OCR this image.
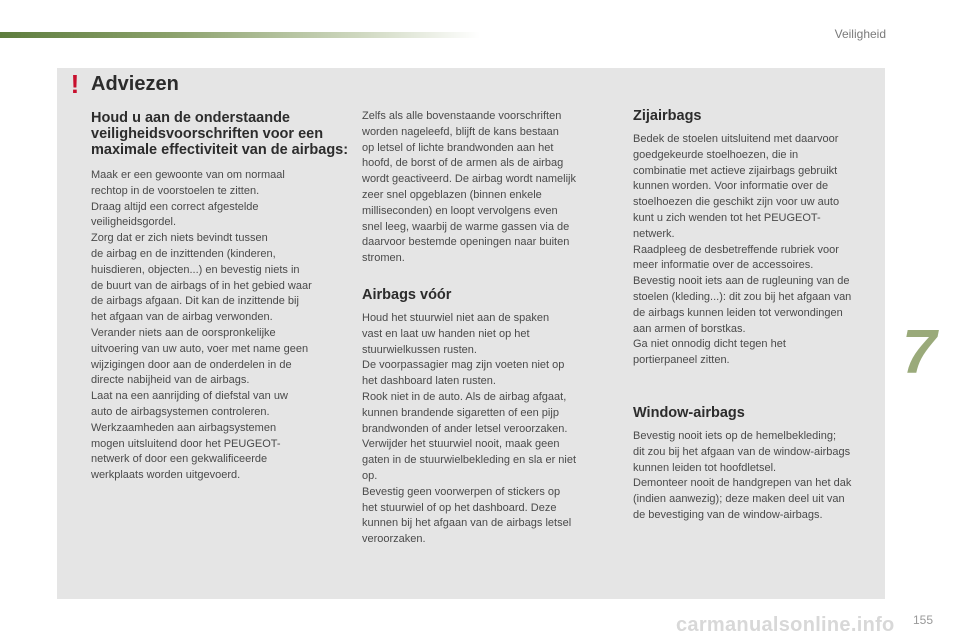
Veiligheid
! Adviezen
Houd u aan de onderstaande veiligheidsvoorschriften voor een maximale effectiviteit van de airbags:

Maak er een gewoonte van om normaal
rechtop in de voorstoelen te zitten.
Draag altijd een correct afgestelde
veiligheidsgordel.
Zorg dat er zich niets bevindt tussen
de airbag en de inzittenden (kinderen,
huisdieren, objecten...) en bevestig niets in
de buurt van de airbags of in het gebied waar
de airbags afgaan. Dit kan de inzittende bij
het afgaan van de airbag verwonden.
Verander niets aan de oorspronkelijke
uitvoering van uw auto, voer met name geen
wijzigingen door aan de onderdelen in de
directe nabijheid van de airbags.
Laat na een aanrijding of diefstal van uw
auto de airbagsystemen controleren.
Werkzaamheden aan airbagsystemen
mogen uitsluitend door het PEUGEOT-
netwerk of door een gekwalificeerde
werkplaats worden uitgevoerd.

Zelfs als alle bovenstaande voorschriften
worden nageleefd, blijft de kans bestaan
op letsel of lichte brandwonden aan het
hoofd, de borst of de armen als de airbag
wordt geactiveerd. De airbag wordt namelijk
zeer snel opgeblazen (binnen enkele
milliseconden) en loopt vervolgens even
snel leeg, waarbij de warme gassen via de
daarvoor bestemde openingen naar buiten
stromen.

Airbags vóór

Houd het stuurwiel niet aan de spaken
vast en laat uw handen niet op het
stuurwielkussen rusten.
De voorpassagier mag zijn voeten niet op
het dashboard laten rusten.
Rook niet in de auto. Als de airbag afgaat,
kunnen brandende sigaretten of een pijp
brandwonden of ander letsel veroorzaken.
Verwijder het stuurwiel nooit, maak geen
gaten in de stuurwielbekleding en sla er niet
op.
Bevestig geen voorwerpen of stickers op
het stuurwiel of op het dashboard. Deze
kunnen bij het afgaan van de airbags letsel
veroorzaken.

Zijairbags

Bedek de stoelen uitsluitend met daarvoor
goedgekeurde stoelhoezen, die in
combinatie met actieve zijairbags gebruikt
kunnen worden. Voor informatie over de
stoelhoezen die geschikt zijn voor uw auto
kunt u zich wenden tot het PEUGEOT-
netwerk.
Raadpleeg de desbetreffende rubriek voor
meer informatie over de accessoires.
Bevestig nooit iets aan de rugleuning van de
stoelen (kleding...): dit zou bij het afgaan van
de airbags kunnen leiden tot verwondingen
aan armen of borstkas.
Ga niet onnodig dicht tegen het
portierpaneel zitten.

Window-airbags

Bevestig nooit iets op de hemelbekleding;
dit zou bij het afgaan van de window-airbags
kunnen leiden tot hoofdletsel.
Demonteer nooit de handgrepen van het dak
(indien aanwezig); deze maken deel uit van
de bevestiging van de window-airbags.

7
carmanualsonline.info 155
